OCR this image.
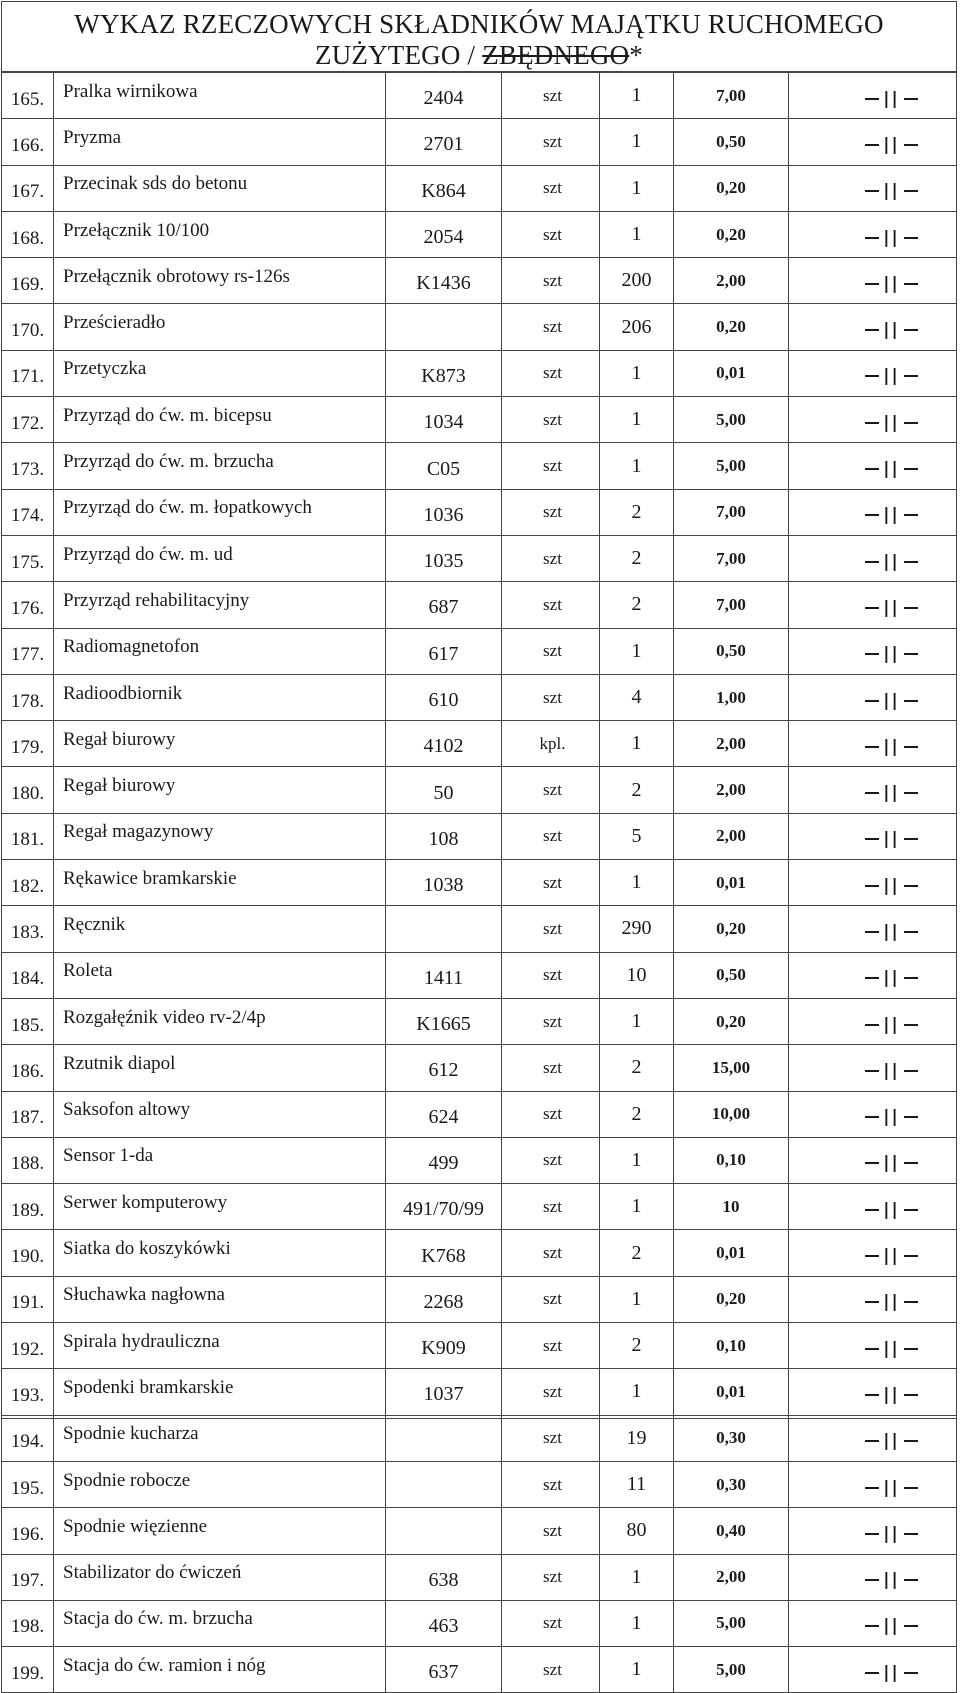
WYKAZ RZECZOWYCH SKŁADNIKÓW MAJĄTKU RUCHOMEGO
ZUŻYTEGO / ZBĘDNEGO*
165.	Pralka wirnikowa	2404	szt	1	7,00	||
166.	Pryzma	2701	szt	1	0,50	||
167.	Przecinak sds do betonu	K864	szt	1	0,20	||
168.	Przełącznik 10/100	2054	szt	1	0,20	||
169.	Przełącznik obrotowy rs-126s	K1436	szt	200	2,00	||
170.	Prześcieradło		szt	206	0,20	||
171.	Przetyczka	K873	szt	1	0,01	||
172.	Przyrząd do ćw. m. bicepsu	1034	szt	1	5,00	||
173.	Przyrząd do ćw. m. brzucha	C05	szt	1	5,00	||
174.	Przyrząd do ćw. m. łopatkowych	1036	szt	2	7,00	||
175.	Przyrząd do ćw. m. ud	1035	szt	2	7,00	||
176.	Przyrząd rehabilitacyjny	687	szt	2	7,00	||
177.	Radiomagnetofon	617	szt	1	0,50	||
178.	Radioodbiornik	610	szt	4	1,00	||
179.	Regał biurowy	4102	kpl.	1	2,00	||
180.	Regał biurowy	50	szt	2	2,00	||
181.	Regał magazynowy	108	szt	5	2,00	||
182.	Rękawice bramkarskie	1038	szt	1	0,01	||
183.	Ręcznik		szt	290	0,20	||
184.	Roleta	1411	szt	10	0,50	||
185.	Rozgałęźnik video rv-2/4p	K1665	szt	1	0,20	||
186.	Rzutnik diapol	612	szt	2	15,00	||
187.	Saksofon altowy	624	szt	2	10,00	||
188.	Sensor 1-da	499	szt	1	0,10	||
189.	Serwer komputerowy	491/70/99	szt	1	10	||
190.	Siatka do koszykówki	K768	szt	2	0,01	||
191.	Słuchawka nagłowna	2268	szt	1	0,20	||
192.	Spirala hydrauliczna	K909	szt	2	0,10	||
193.	Spodenki bramkarskie	1037	szt	1	0,01	||
194.	Spodnie kucharza		szt	19	0,30	||
195.	Spodnie robocze		szt	11	0,30	||
196.	Spodnie więzienne		szt	80	0,40	||
197.	Stabilizator do ćwiczeń	638	szt	1	2,00	||
198.	Stacja do ćw. m. brzucha	463	szt	1	5,00	||
199.	Stacja do ćw. ramion i nóg	637	szt	1	5,00	||
